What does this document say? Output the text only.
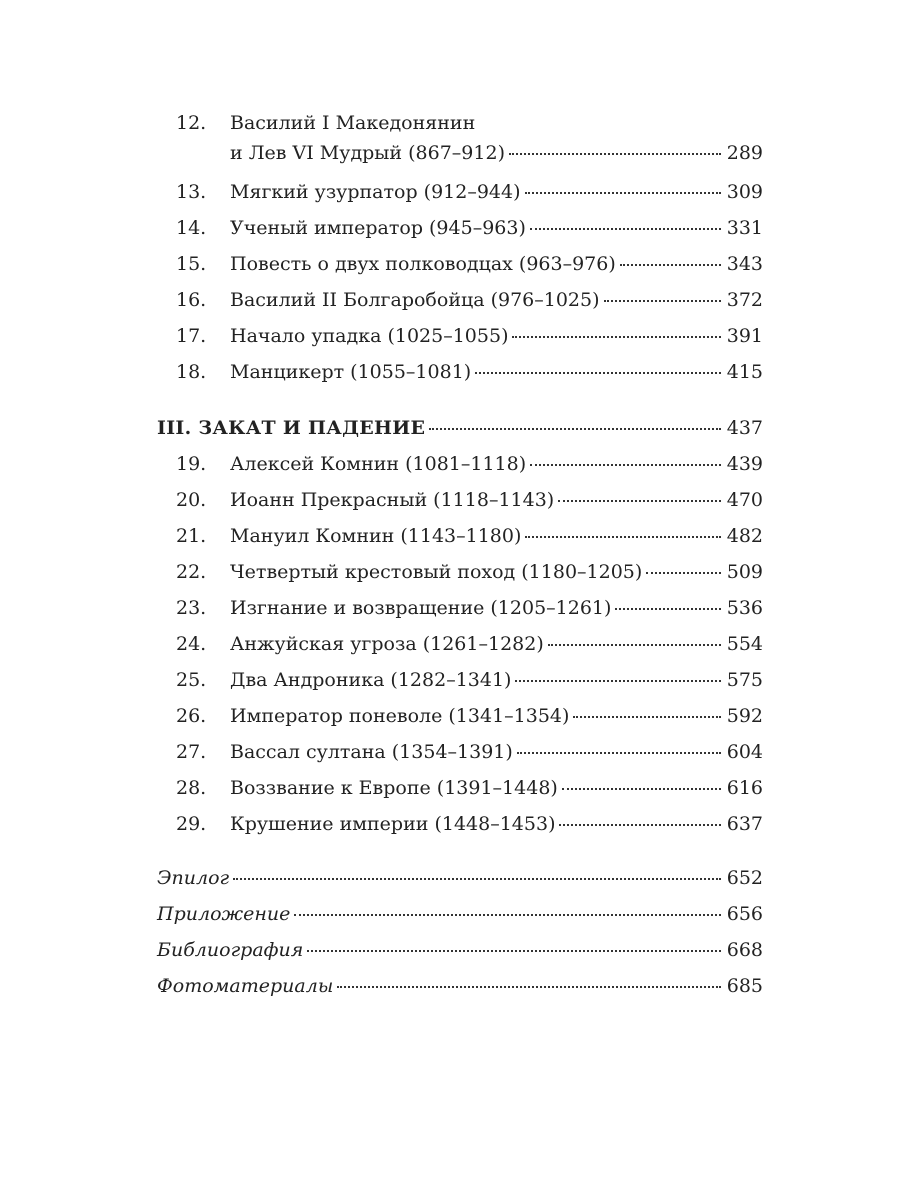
12.	Василий I Македонянин
и Лев VI Мудрый (867–912)	289
13.	Мягкий узурпатор (912–944)	309
14.	Ученый император (945–963)	331
15.	Повесть о двух полководцах (963–976)	343
16.	Василий II Болгаробойца (976–1025)	372
17.	Начало упадка (1025–1055)	391
18.	Манцикерт (1055–1081)	415
III. ЗАКАТ И ПАДЕНИЕ	437
19.	Алексей Комнин (1081–1118)	439
20.	Иоанн Прекрасный (1118–1143)	470
21.	Мануил Комнин (1143–1180)	482
22.	Четвертый крестовый поход (1180–1205)	509
23.	Изгнание и возвращение (1205–1261)	536
24.	Анжуйская угроза (1261–1282)	554
25.	Два Андроника (1282–1341)	575
26.	Император поневоле (1341–1354)	592
27.	Вассал султана (1354–1391)	604
28.	Воззвание к Европе (1391–1448)	616
29.	Крушение империи (1448–1453)	637
Эпилог	652
Приложение	656
Библиография	668
Фотоматериалы	685
